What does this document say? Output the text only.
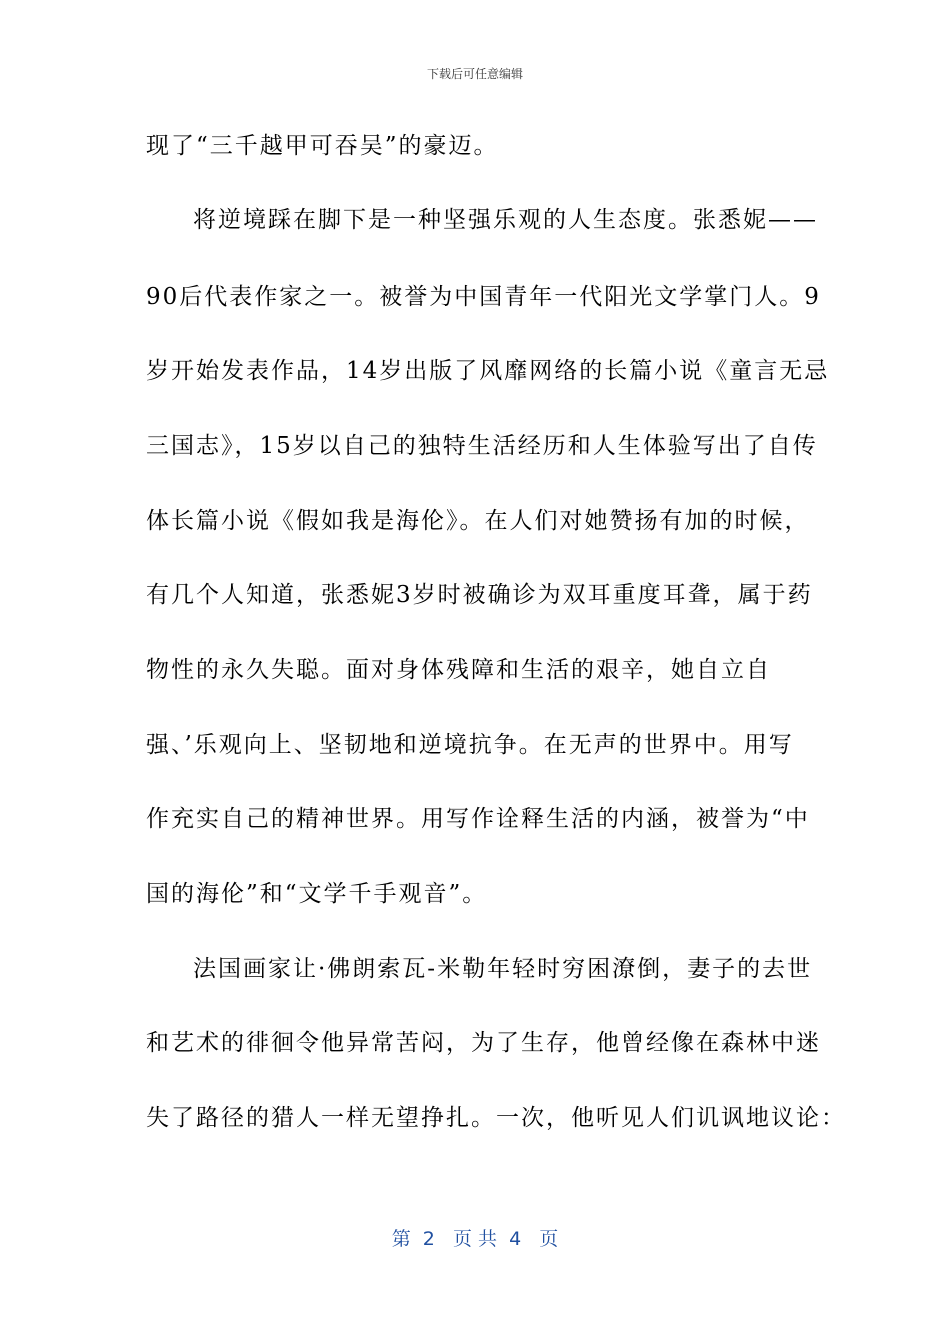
下载后可任意编辑
现了“三千越甲可吞吴”的豪迈。
将逆境踩在脚下是一种坚强乐观的人生态度。张悉妮——
90后代表作家之一。被誉为中国青年一代阳光文学掌门人。9
岁开始发表作品，14岁出版了风靡网络的长篇小说《童言无忌
三国志》，15岁以自己的独特生活经历和人生体验写出了自传
体长篇小说《假如我是海伦》。在人们对她赞扬有加的时候，
有几个人知道，张悉妮3岁时被确诊为双耳重度耳聋，属于药
物性的永久失聪。面对身体残障和生活的艰辛，她自立自
强、’乐观向上、坚韧地和逆境抗争。在无声的世界中。用写
作充实自己的精神世界。用写作诠释生活的内涵，被誉为“中
国的海伦”和“文学千手观音”。
法国画家让·佛朗索瓦-米勒年轻时穷困潦倒，妻子的去世
和艺术的徘徊令他异常苦闷，为了生存，他曾经像在森林中迷
失了路径的猎人一样无望挣扎。一次，他听见人们讥讽地议论：
第  2   页 共  4   页
